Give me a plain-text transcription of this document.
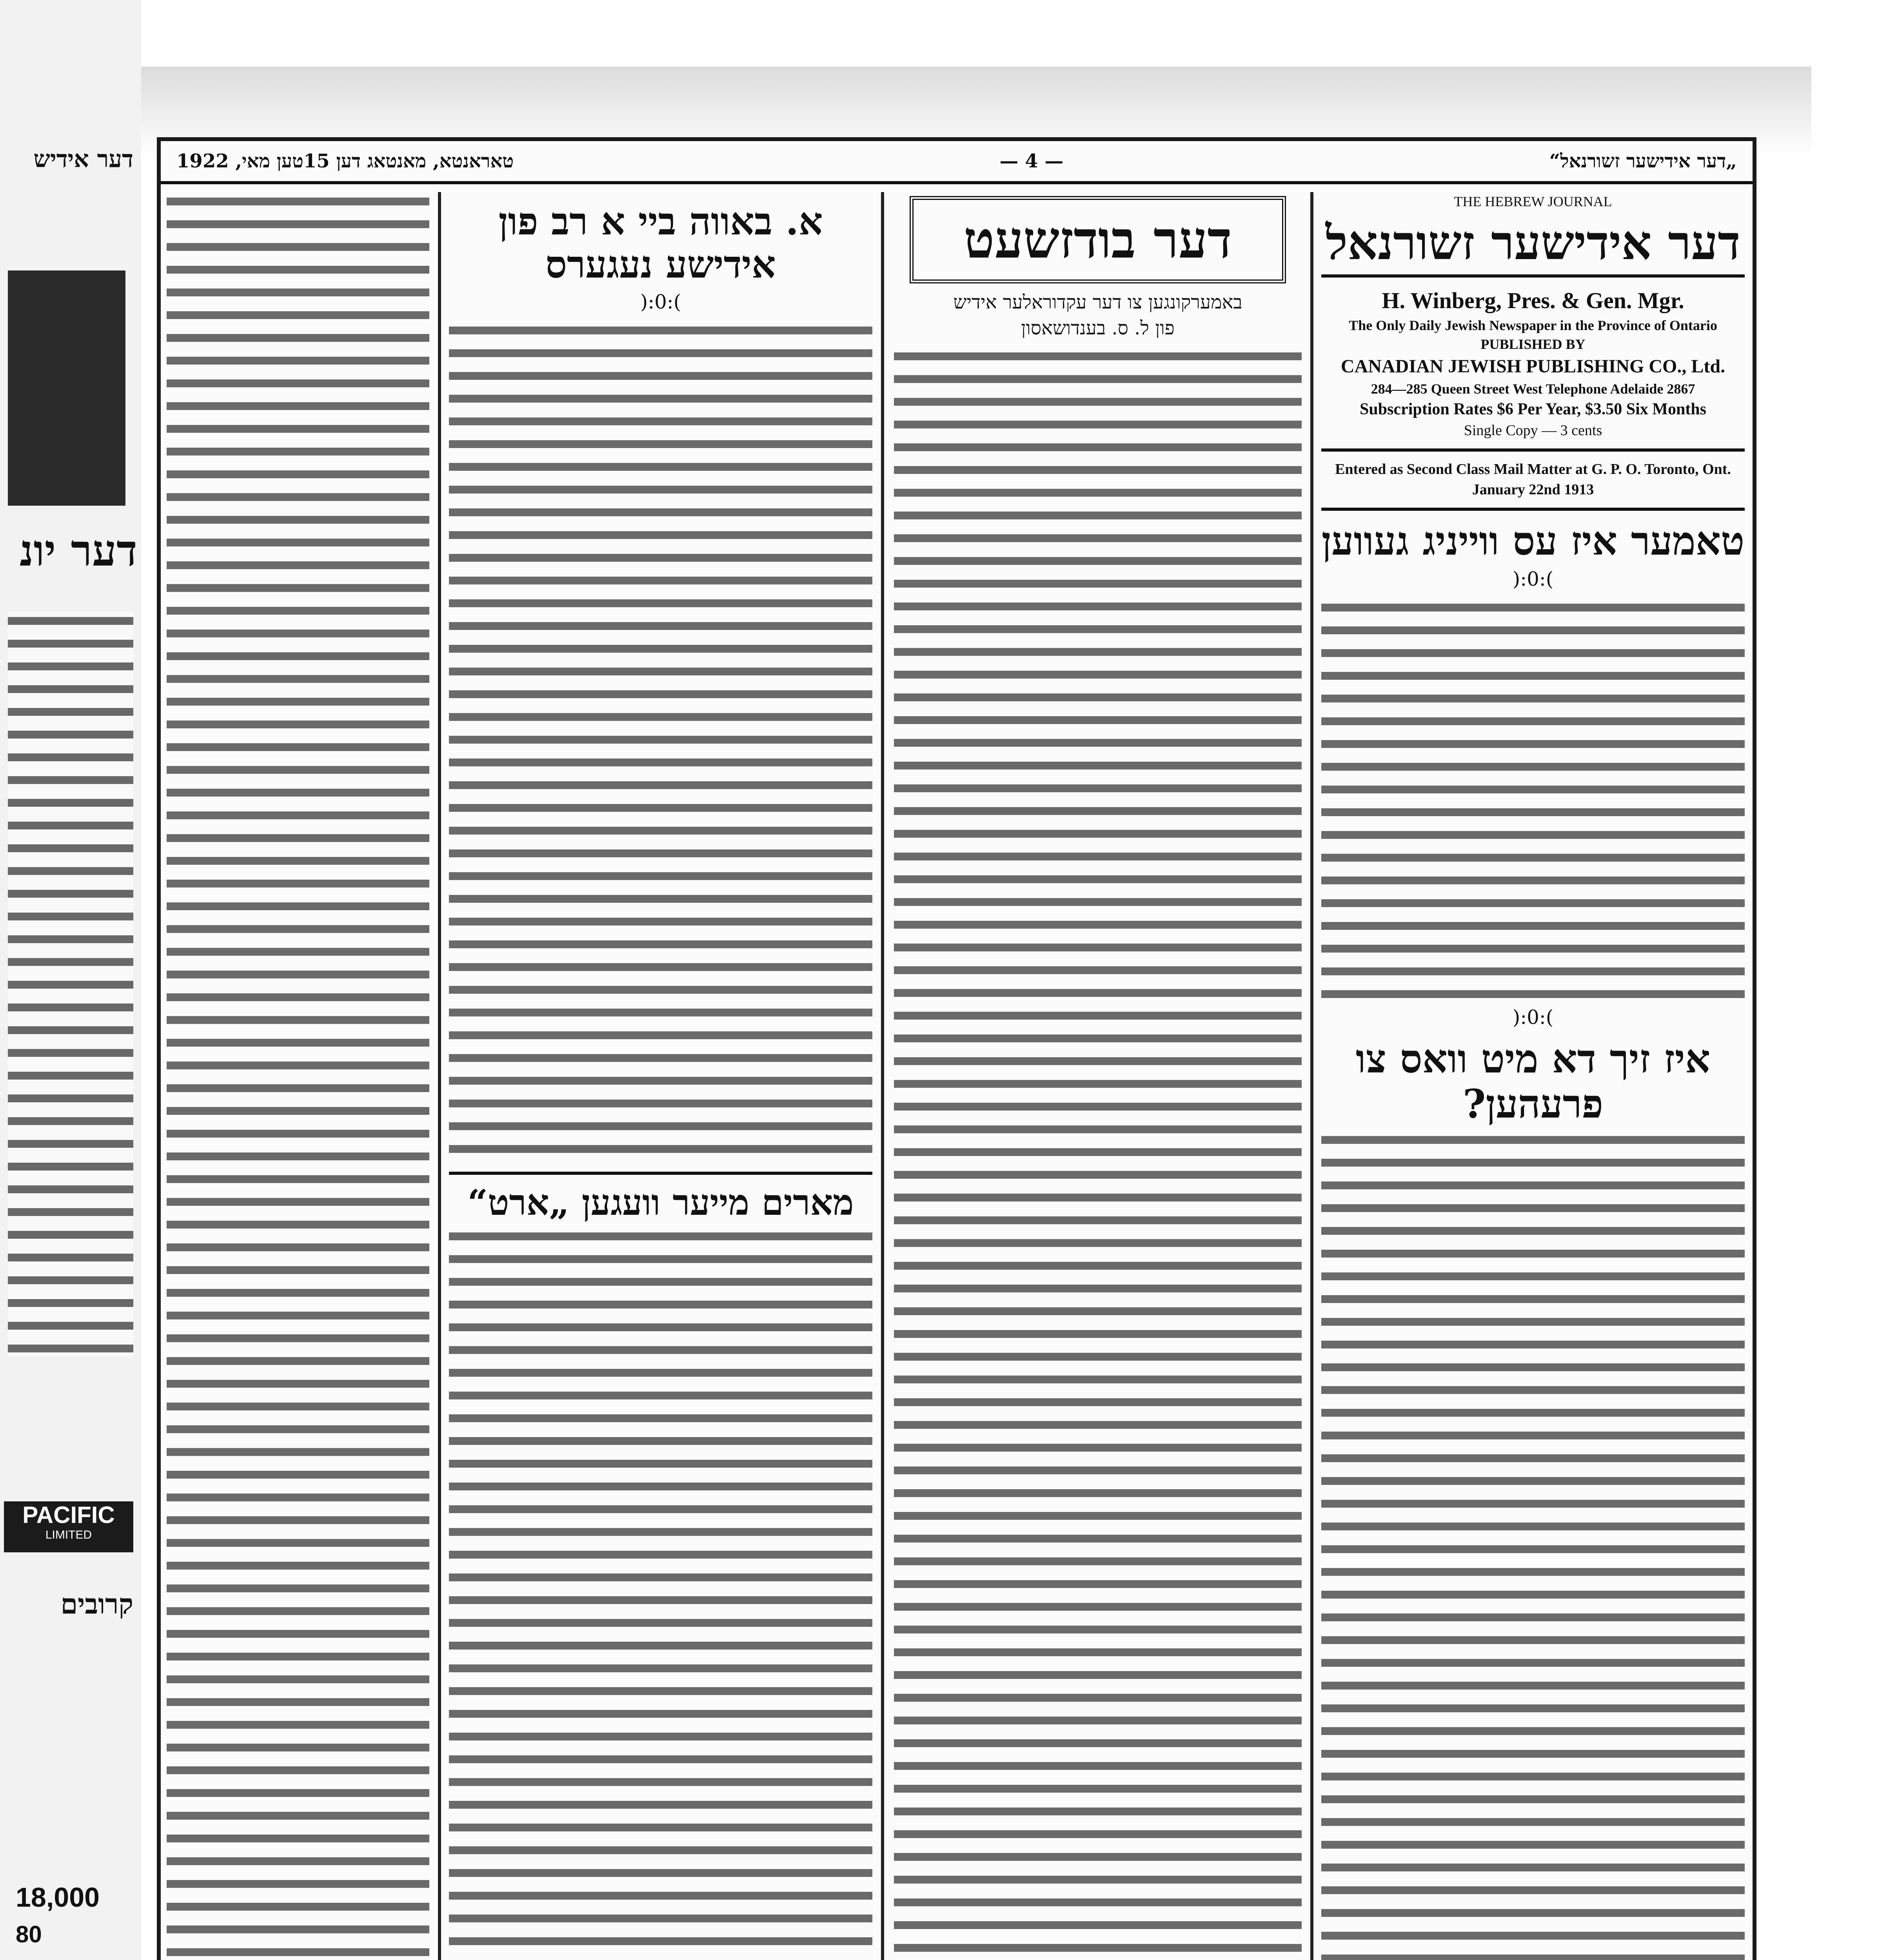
דער אידיש
דער יונ
PACIFIC
LIMITED
קרובים
18,000
80
„דער אידישער זשורנאל“
— 4 —
טאראנטא, מאנטאג דען 15טען מאי, 1922
THE HEBREW JOURNAL
דער אידישער זשורנאל
H. Winberg, Pres. & Gen. Mgr.
The Only Daily Jewish Newspaper in the Province of Ontario
PUBLISHED BY
CANADIAN JEWISH PUBLISHING CO., Ltd.
284—285 Queen Street West Telephone Adelaide 2867
Subscription Rates $6 Per Year, $3.50 Six Months
Single Copy — 3 cents
Entered as Second Class Mail Matter at G. P. O. Toronto, Ont.
January 22nd 1913
טאמער איז עס ווייניג געווען
):0:(
):0:(
איז זיך דא מיט וואס צו פרעהען?
דער בודזשעט
באמערקונגען צו דער עקדוראלער אידיש
פון ל. ס. בענדושאסון
א. באווה ביי א רב פון אידישע נעגערס
):0:(
מארים מייער וועגען „ארט“
